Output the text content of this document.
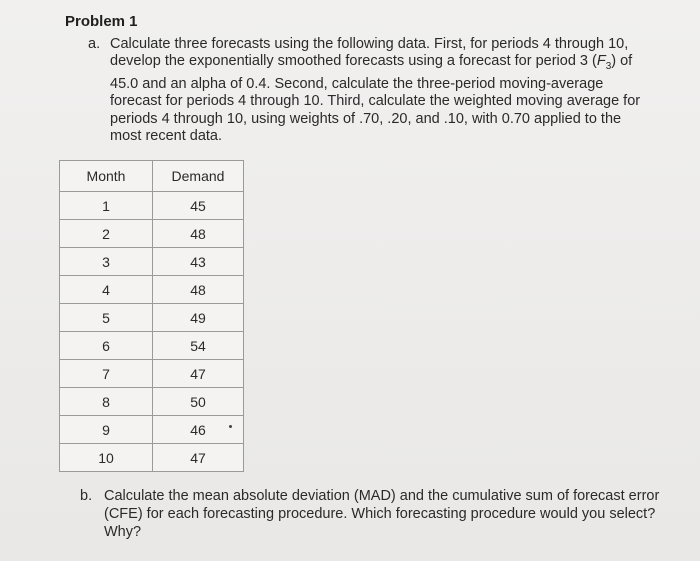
Problem 1
a. Calculate three forecasts using the following data. First, for periods 4 through 10, develop the exponentially smoothed forecasts using a forecast for period 3 $(F_3)$ of 45.0 and an alpha of 0.4. Second, calculate the three-period moving-average forecast for periods 4 through 10. Third, calculate the weighted moving average for periods 4 through 10, using weights of .70, .20, and .10, with 0.70 applied to the most recent data.
Month	Demand
1	45
2	48
3	43
4	48
5	49
6	54
7	47
8	50
9	46
10	47
b. Calculate the mean absolute deviation (MAD) and the cumulative sum of forecast error (CFE) for each forecasting procedure. Which forecasting procedure would you select? Why?
